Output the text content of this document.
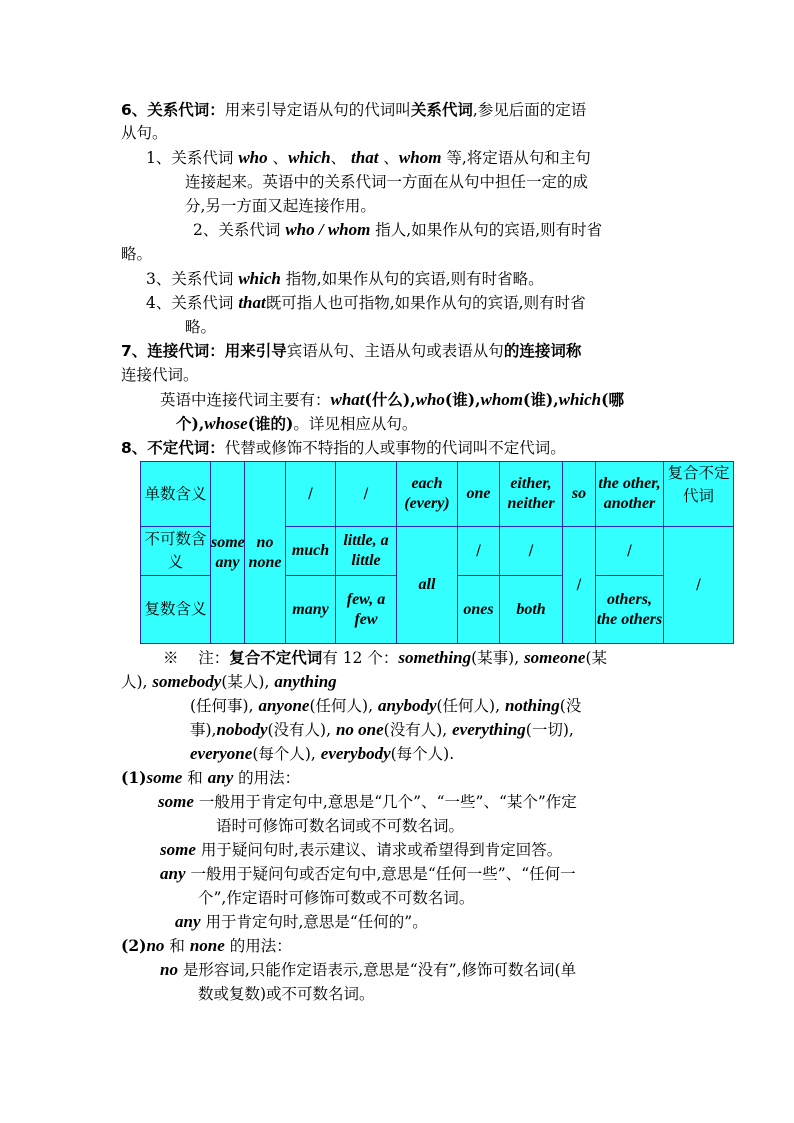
6、关系代词：用来引导定语从句的代词叫关系代词,参见后面的定语
从句。
1、关系代词 who 、which、 that 、whom 等,将定语从句和主句
连接起来。英语中的关系代词一方面在从句中担任一定的成
分,另一方面又起连接作用。
2、关系代词 who / whom 指人,如果作从句的宾语,则有时省
略。
3、关系代词 which 指物,如果作从句的宾语,则有时省略。
4、关系代词 that既可指人也可指物,如果作从句的宾语,则有时省
略。
7、连接代词：用来引导宾语从句、主语从句或表语从句的连接词称
连接代词。
英语中连接代词主要有：what(什么),who(谁),whom(谁),which(哪
个),whose(谁的)。详见相应从句。
8、不定代词：代替或修饰不特指的人或事物的代词叫不定代词。
单数含义	some any	no none	/	/	each (every)	one	either, neither	so	the other, another	复合不定代词
不可数含义			much	little, a little	all	/	/	/	/	/
复数含义			many	few, a few		ones	both		others, the others	
※ 注：复合不定代词有 12 个：something(某事), someone(某
人), somebody(某人), anything
(任何事), anyone(任何人), anybody(任何人), nothing(没
事),nobody(没有人), no one(没有人), everything(一切),
everyone(每个人), everybody(每个人).
(1)some 和 any 的用法：
some 一般用于肯定句中,意思是“几个”、“一些”、“某个”作定
语时可修饰可数名词或不可数名词。
some 用于疑问句时,表示建议、请求或希望得到肯定回答。
any 一般用于疑问句或否定句中,意思是“任何一些”、“任何一
个”,作定语时可修饰可数或不可数名词。
any 用于肯定句时,意思是“任何的”。
(2)no 和 none 的用法：
no 是形容词,只能作定语表示,意思是“没有”,修饰可数名词(单
数或复数)或不可数名词。
